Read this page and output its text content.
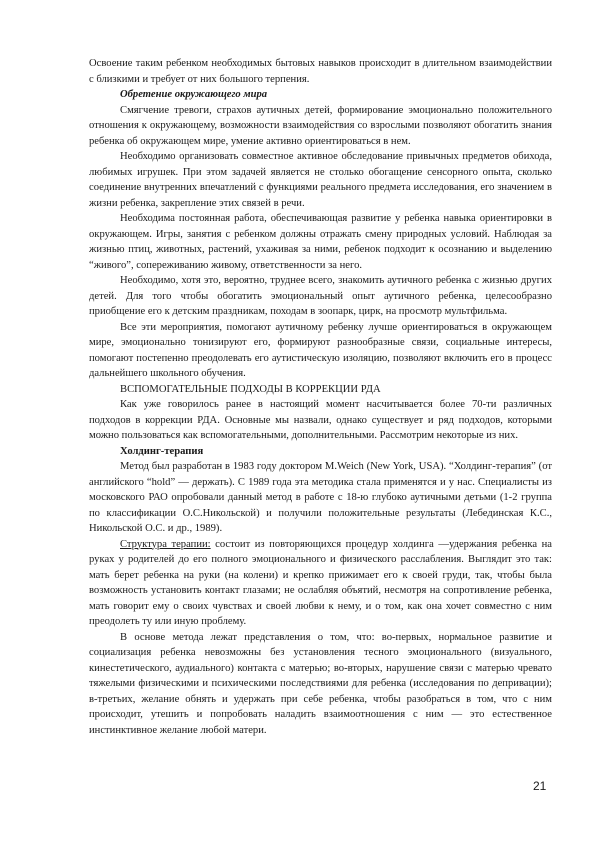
Освоение таким ребенком необходимых бытовых навыков происходит в длительном взаимодействии с близкими и требует от них большого терпения.

Обретение окружающего мира

Смягчение тревоги, страхов аутичных детей, формирование эмоционально положительного отношения к окружающему, возможности взаимодействия со взрослыми позволяют обогатить знания ребенка об окружающем мире, умение активно ориентироваться в нем.

Необходимо организовать совместное активное обследование привычных предметов обихода, любимых игрушек. При этом задачей является не столько обогащение сенсорного опыта, сколько соединение внутренних впечатлений с функциями реального предмета исследования, его значением в жизни ребенка, закрепление этих связей в речи.

Необходима постоянная работа, обеспечивающая развитие у ребенка навыка ориентировки в окружающем. Игры, занятия с ребенком должны отражать смену природных условий. Наблюдая за жизнью птиц, животных, растений, ухаживая за ними, ребенок подходит к осознанию и выделению “живого”, сопереживанию живому, ответственности за него.

Необходимо, хотя это, вероятно, труднее всего, знакомить аутичного ребенка с жизнью других детей. Для того чтобы обогатить эмоциональный опыт аутичного ребенка, целесообразно приобщение его к детским праздникам, походам в зоопарк, цирк, на просмотр мультфильма.

Все эти мероприятия, помогают аутичному ребенку лучше ориентироваться в окружающем мире, эмоционально тонизируют его, формируют разнообразные связи, социальные интересы, помогают постепенно преодолевать его аутистическую изоляцию, позволяют включить его в процесс дальнейшего школьного обучения.

ВСПОМОГАТЕЛЬНЫЕ ПОДХОДЫ В КОРРЕКЦИИ РДА

Как уже говорилось ранее в настоящий момент насчитывается более 70-ти различных подходов в коррекции РДА. Основные мы назвали, однако существует и ряд подходов, которыми можно пользоваться как вспомогательными, дополнительными. Рассмотрим некоторые из них.

Холдинг-терапия

Метод был разработан в 1983 году доктором M.Weich (New York, USA). “Холдинг-терапия” (от английского “hold” — держать). С 1989 года эта методика стала применятся и у нас. Специалисты из московского РАО опробовали данный метод в работе с 18-ю глубоко аутичными детьми (1-2 группа по классификации О.С.Никольской) и получили положительные результаты (Лебединская К.С., Никольской О.С. и др., 1989).

Структура терапии: состоит из повторяющихся процедур холдинга —удержания ребенка на руках у родителей до его полного эмоционального и физического расслабления. Выглядит это так: мать берет ребенка на руки (на колени) и крепко прижимает его к своей груди, так, чтобы была возможность установить контакт глазами; не ослабляя объятий, несмотря на сопротивление ребенка, мать говорит ему о своих чувствах и своей любви к нему, и о том, как она хочет совместно с ним преодолеть ту или иную проблему.

В основе метода лежат представления о том, что: во-первых, нормальное развитие и социализация ребенка невозможны без установления тесного эмоционального (визуального, кинестетического, аудиального) контакта с матерью; во-вторых, нарушение связи с матерью чревато тяжелыми физическими и психическими последствиями для ребенка (исследования по депривации); в-третьих, желание обнять и удержать при себе ребенка, чтобы разобраться в том, что с ним происходит, утешить и попробовать наладить взаимоотношения с ним — это естественное инстинктивное желание любой матери.

21
